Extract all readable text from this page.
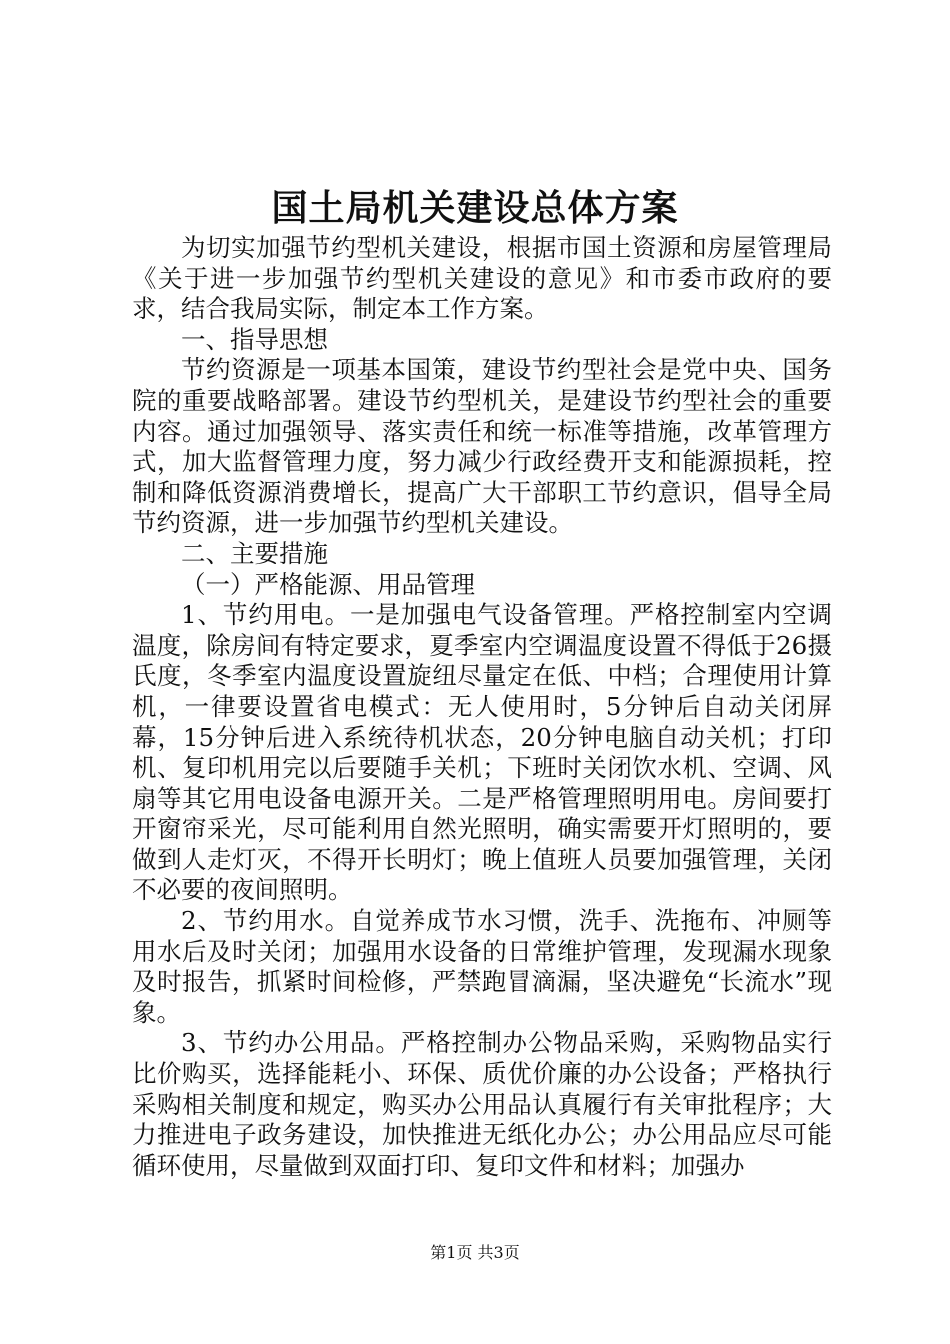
国土局机关建设总体方案

为切实加强节约型机关建设，根据市国土资源和房屋管理局《关于进一步加强节约型机关建设的意见》和市委市政府的要求，结合我局实际，制定本工作方案。

一、指导思想

节约资源是一项基本国策，建设节约型社会是党中央、国务院的重要战略部署。建设节约型机关，是建设节约型社会的重要内容。通过加强领导、落实责任和统一标准等措施，改革管理方式，加大监督管理力度，努力减少行政经费开支和能源损耗，控制和降低资源消费增长，提高广大干部职工节约意识，倡导全局节约资源，进一步加强节约型机关建设。

二、主要措施

（一）严格能源、用品管理

1、节约用电。一是加强电气设备管理。严格控制室内空调温度，除房间有特定要求，夏季室内空调温度设置不得低于26摄氏度，冬季室内温度设置旋纽尽量定在低、中档；合理使用计算机，一律要设置省电模式：无人使用时，5分钟后自动关闭屏幕，15分钟后进入系统待机状态，20分钟电脑自动关机；打印机、复印机用完以后要随手关机；下班时关闭饮水机、空调、风扇等其它用电设备电源开关。二是严格管理照明用电。房间要打开窗帘采光，尽可能利用自然光照明，确实需要开灯照明的，要做到人走灯灭，不得开长明灯；晚上值班人员要加强管理，关闭不必要的夜间照明。

2、节约用水。自觉养成节水习惯，洗手、洗拖布、冲厕等用水后及时关闭；加强用水设备的日常维护管理，发现漏水现象及时报告，抓紧时间检修，严禁跑冒滴漏，坚决避免“长流水”现象。

3、节约办公用品。严格控制办公物品采购，采购物品实行比价购买，选择能耗小、环保、质优价廉的办公设备；严格执行采购相关制度和规定，购买办公用品认真履行有关审批程序；大力推进电子政务建设，加快推进无纸化办公；办公用品应尽可能循环使用，尽量做到双面打印、复印文件和材料；加强办

第1页 共3页
